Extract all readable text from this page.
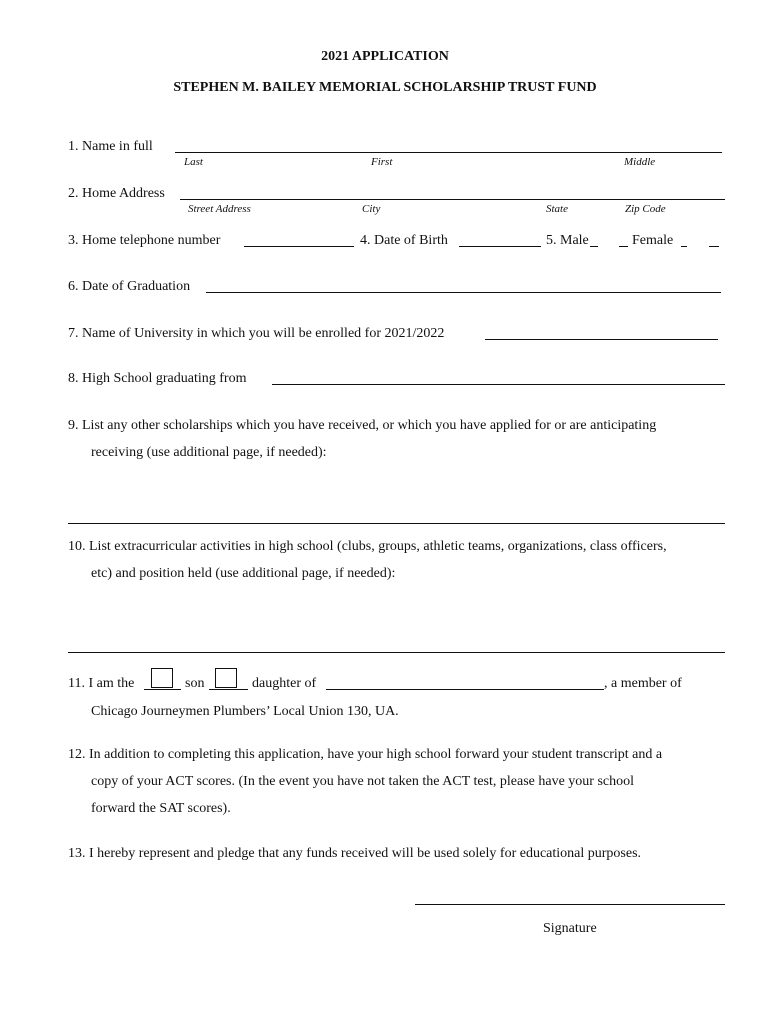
2021 APPLICATION
STEPHEN M. BAILEY MEMORIAL SCHOLARSHIP TRUST FUND
1. Name in full
Last	First	Middle
2. Home Address
Street Address	City	State	Zip Code
3. Home telephone number	4. Date of Birth	5. Male	Female
6. Date of Graduation
7. Name of University in which you will be enrolled for 2021/2022
8. High School graduating from
9. List any other scholarships which you have received, or which you have applied for or are anticipating
receiving (use additional page, if needed):
10. List extracurricular activities in high school (clubs, groups, athletic teams, organizations, class officers,
etc) and position held (use additional page, if needed):
11. I am the	son	daughter of	, a member of
Chicago Journeymen Plumbers’ Local Union 130, UA.
12. In addition to completing this application, have your high school forward your student transcript and a
copy of your ACT scores. (In the event you have not taken the ACT test, please have your school
forward the SAT scores).
13. I hereby represent and pledge that any funds received will be used solely for educational purposes.
Signature
